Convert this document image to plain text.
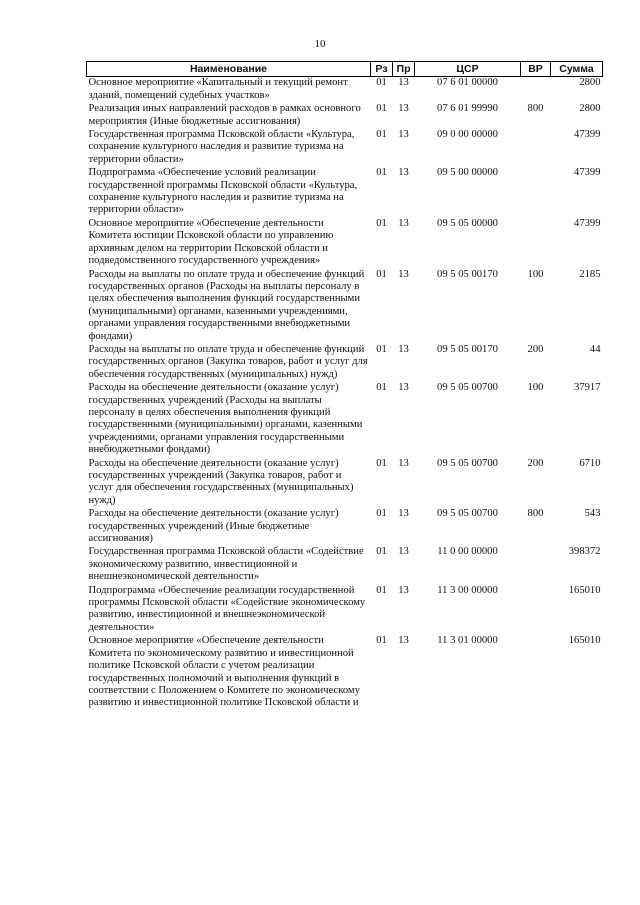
10
Наименование	Рз	Пр	ЦСР	ВР	Сумма
Основное мероприятие «Капитальный и текущий ремонт зданий, помещений судебных участков»	01	13	07 6 01 00000		2800
Реализация иных направлений расходов в рамках основного мероприятия (Иные бюджетные ассигнования)	01	13	07 6 01 99990	800	2800
Государственная программа Псковской области «Культура, сохранение культурного наследия и развитие туризма на территории области»	01	13	09 0 00 00000		47399
Подпрограмма «Обеспечение условий реализации государственной программы Псковской области «Культура, сохранение культурного наследия и развитие туризма на территории области»	01	13	09 5 00 00000		47399
Основное мероприятие «Обеспечение деятельности Комитета юстиции Псковской области по управлению архивным делом на территории Псковской области и подведомственного государственного учреждения»	01	13	09 5 05 00000		47399
Расходы на выплаты по оплате труда и обеспечение функций государственных органов (Расходы на выплаты персоналу в целях обеспечения выполнения функций государственными (муниципальными) органами, казенными учреждениями, органами управления государственными внебюджетными фондами)	01	13	09 5 05 00170	100	2185
Расходы на выплаты по оплате труда и обеспечение функций государственных органов (Закупка товаров, работ и услуг для обеспечения государственных (муниципальных) нужд)	01	13	09 5 05 00170	200	44
Расходы на обеспечение деятельности (оказание услуг) государственных учреждений (Расходы на выплаты персоналу в целях обеспечения выполнения функций государственными (муниципальными) органами, казенными учреждениями, органами управления государственными внебюджетными фондами)	01	13	09 5 05 00700	100	37917
Расходы на обеспечение деятельности (оказание услуг) государственных учреждений (Закупка товаров, работ и услуг для обеспечения государственных (муниципальных) нужд)	01	13	09 5 05 00700	200	6710
Расходы на обеспечение деятельности (оказание услуг) государственных учреждений (Иные бюджетные ассигнования)	01	13	09 5 05 00700	800	543
Государственная программа Псковской области «Содействие экономическому развитию, инвестиционной и внешнеэкономической деятельности»	01	13	11 0 00 00000		398372
Подпрограмма «Обеспечение реализации государственной программы Псковской области «Содействие экономическому развитию, инвестиционной и внешнеэкономической деятельности»	01	13	11 3 00 00000		165010
Основное мероприятие «Обеспечение деятельности Комитета по экономическому развитию и инвестиционной политике Псковской области с учетом реализации государственных полномочий и выполнения функций в соответствии с Положением о Комитете по экономическому развитию и инвестиционной политике Псковской области и	01	13	11 3 01 00000		165010
